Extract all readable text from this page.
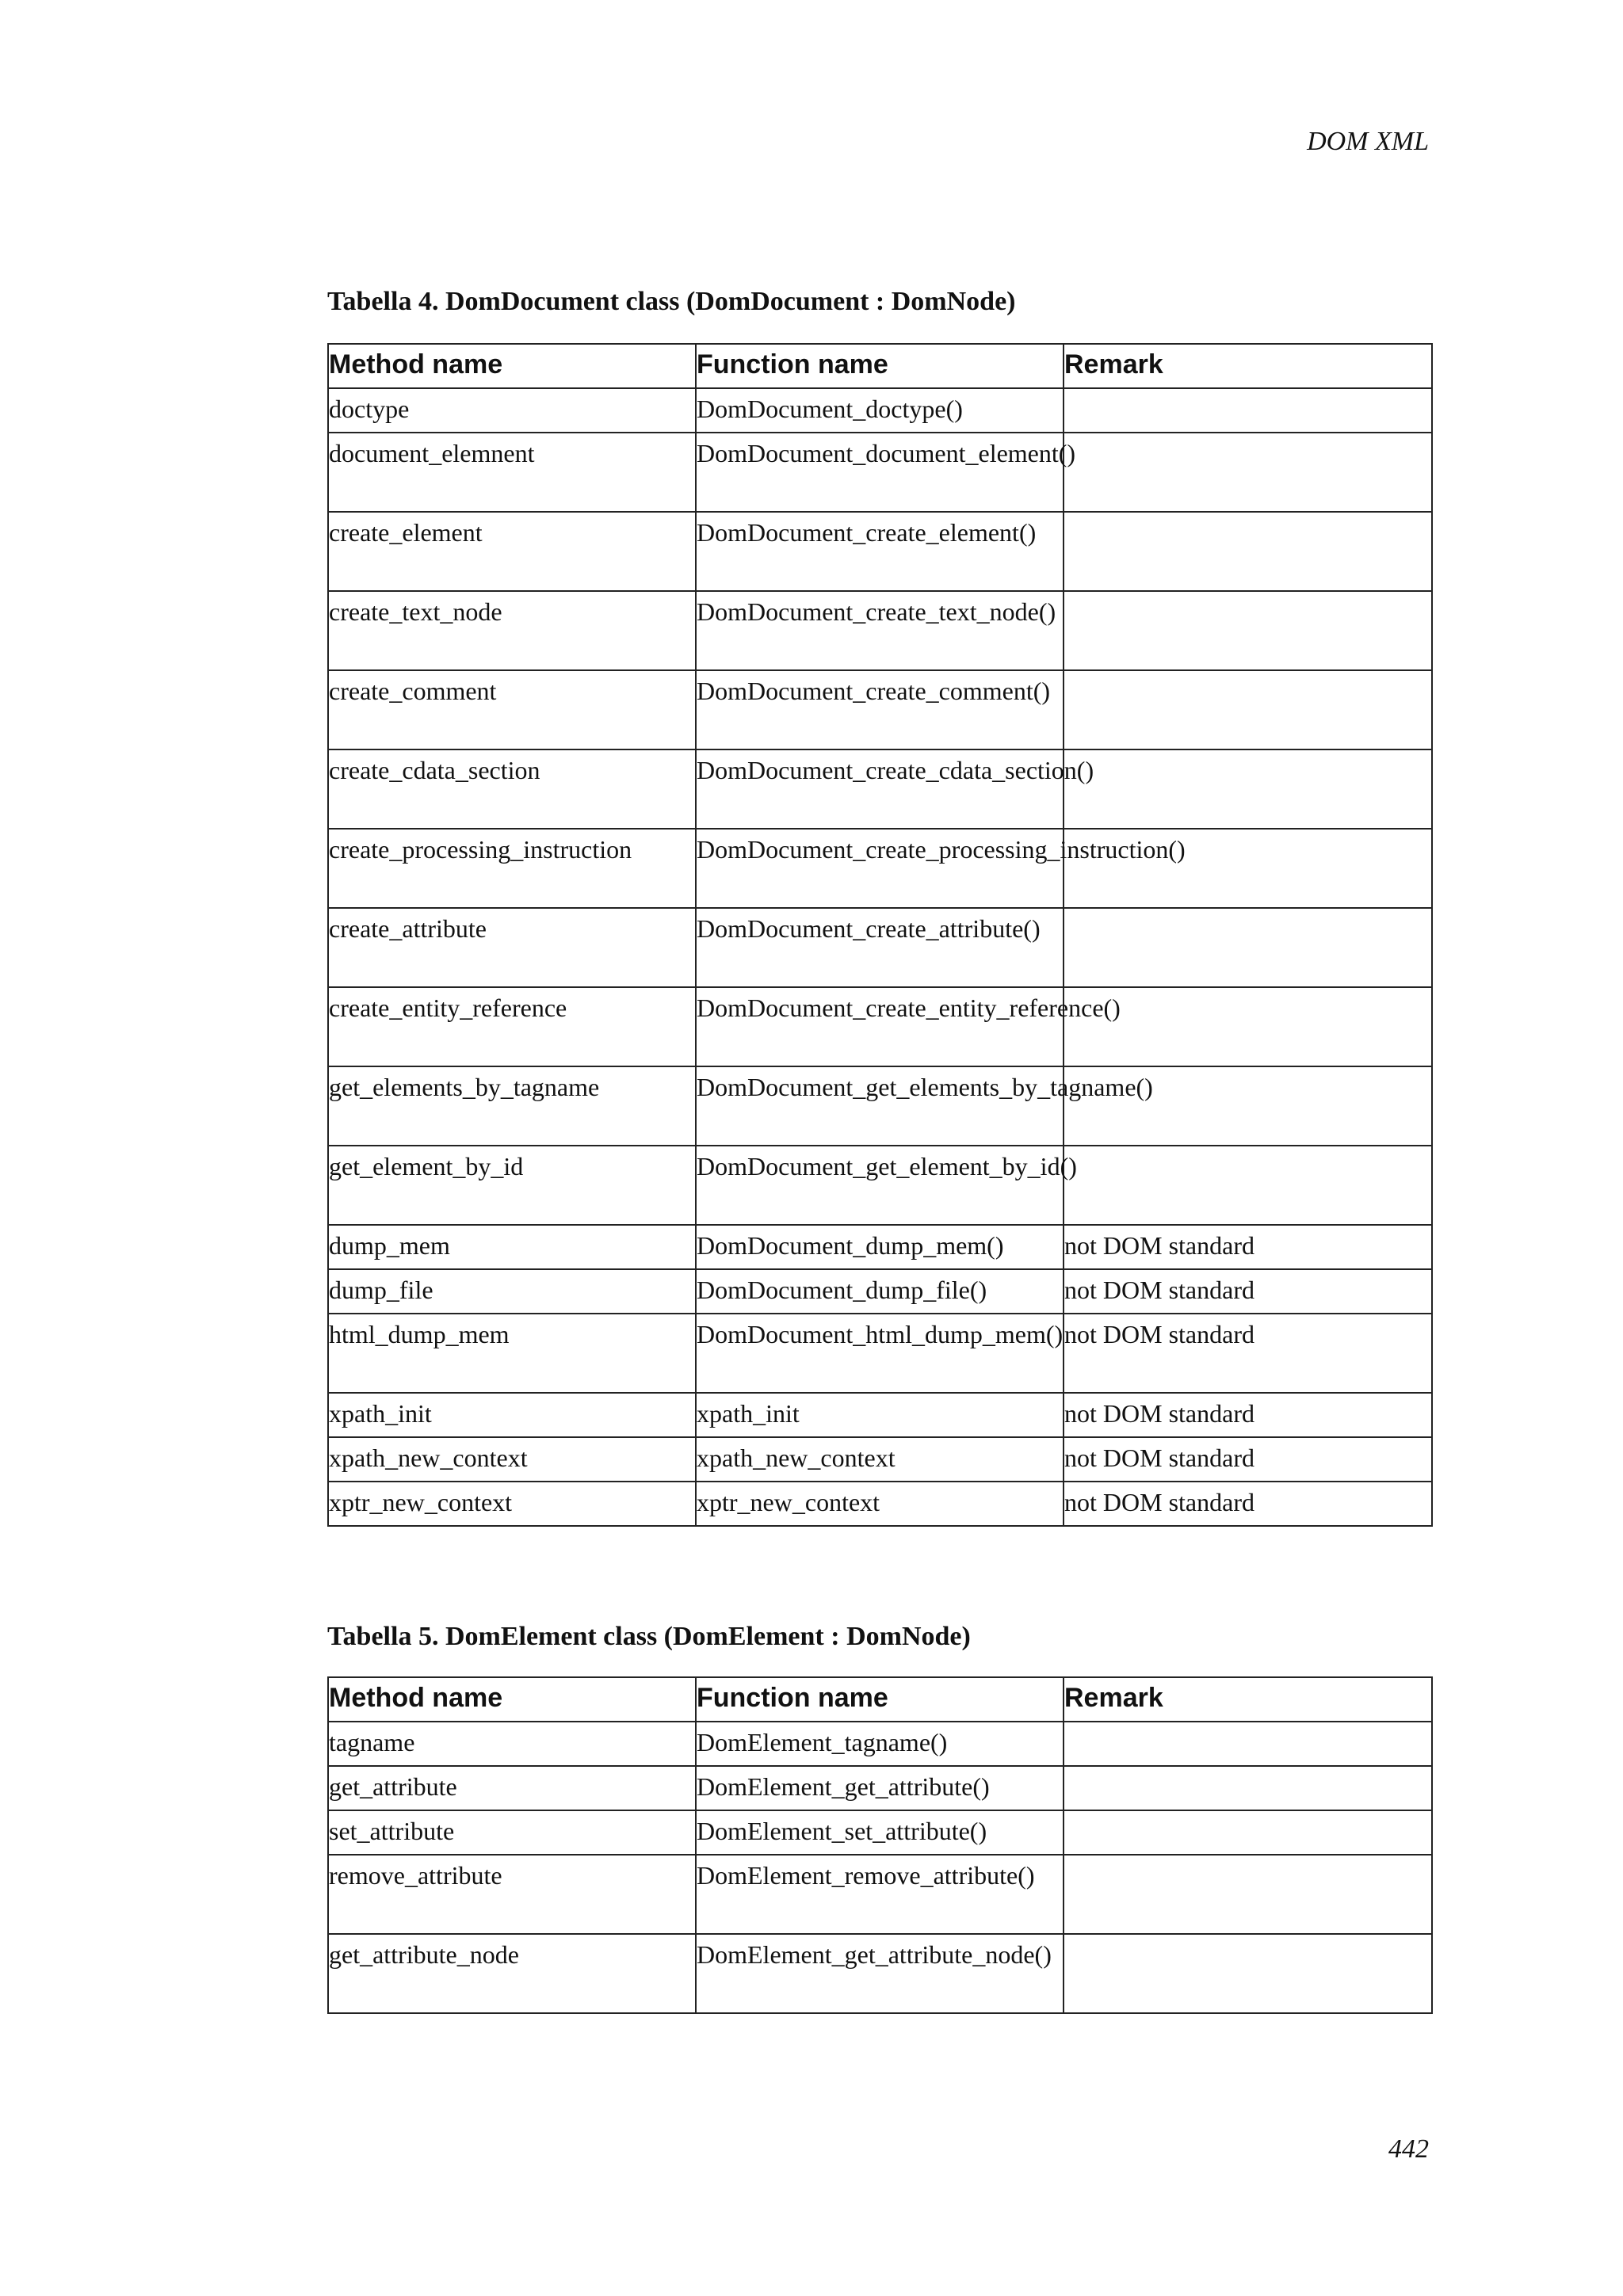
DOM XML
Tabella 4. DomDocument class (DomDocument : DomNode)
Method name	Function name	Remark
doctype	DomDocument_doctype()	
document_elemnent	DomDocument_document_element()	
create_element	DomDocument_create_element()	
create_text_node	DomDocument_create_text_node()	
create_comment	DomDocument_create_comment()	
create_cdata_section	DomDocument_create_cdata_section()	
create_processing_instruction	DomDocument_create_processing_instruction()	
create_attribute	DomDocument_create_attribute()	
create_entity_reference	DomDocument_create_entity_reference()	
get_elements_by_tagname	DomDocument_get_elements_by_tagname()	
get_element_by_id	DomDocument_get_element_by_id()	
dump_mem	DomDocument_dump_mem()	not DOM standard
dump_file	DomDocument_dump_file()	not DOM standard
html_dump_mem	DomDocument_html_dump_mem()	not DOM standard
xpath_init	xpath_init	not DOM standard
xpath_new_context	xpath_new_context	not DOM standard
xptr_new_context	xptr_new_context	not DOM standard
Tabella 5. DomElement class (DomElement : DomNode)
Method name	Function name	Remark
tagname	DomElement_tagname()	
get_attribute	DomElement_get_attribute()	
set_attribute	DomElement_set_attribute()	
remove_attribute	DomElement_remove_attribute()	
get_attribute_node	DomElement_get_attribute_node()	
442
